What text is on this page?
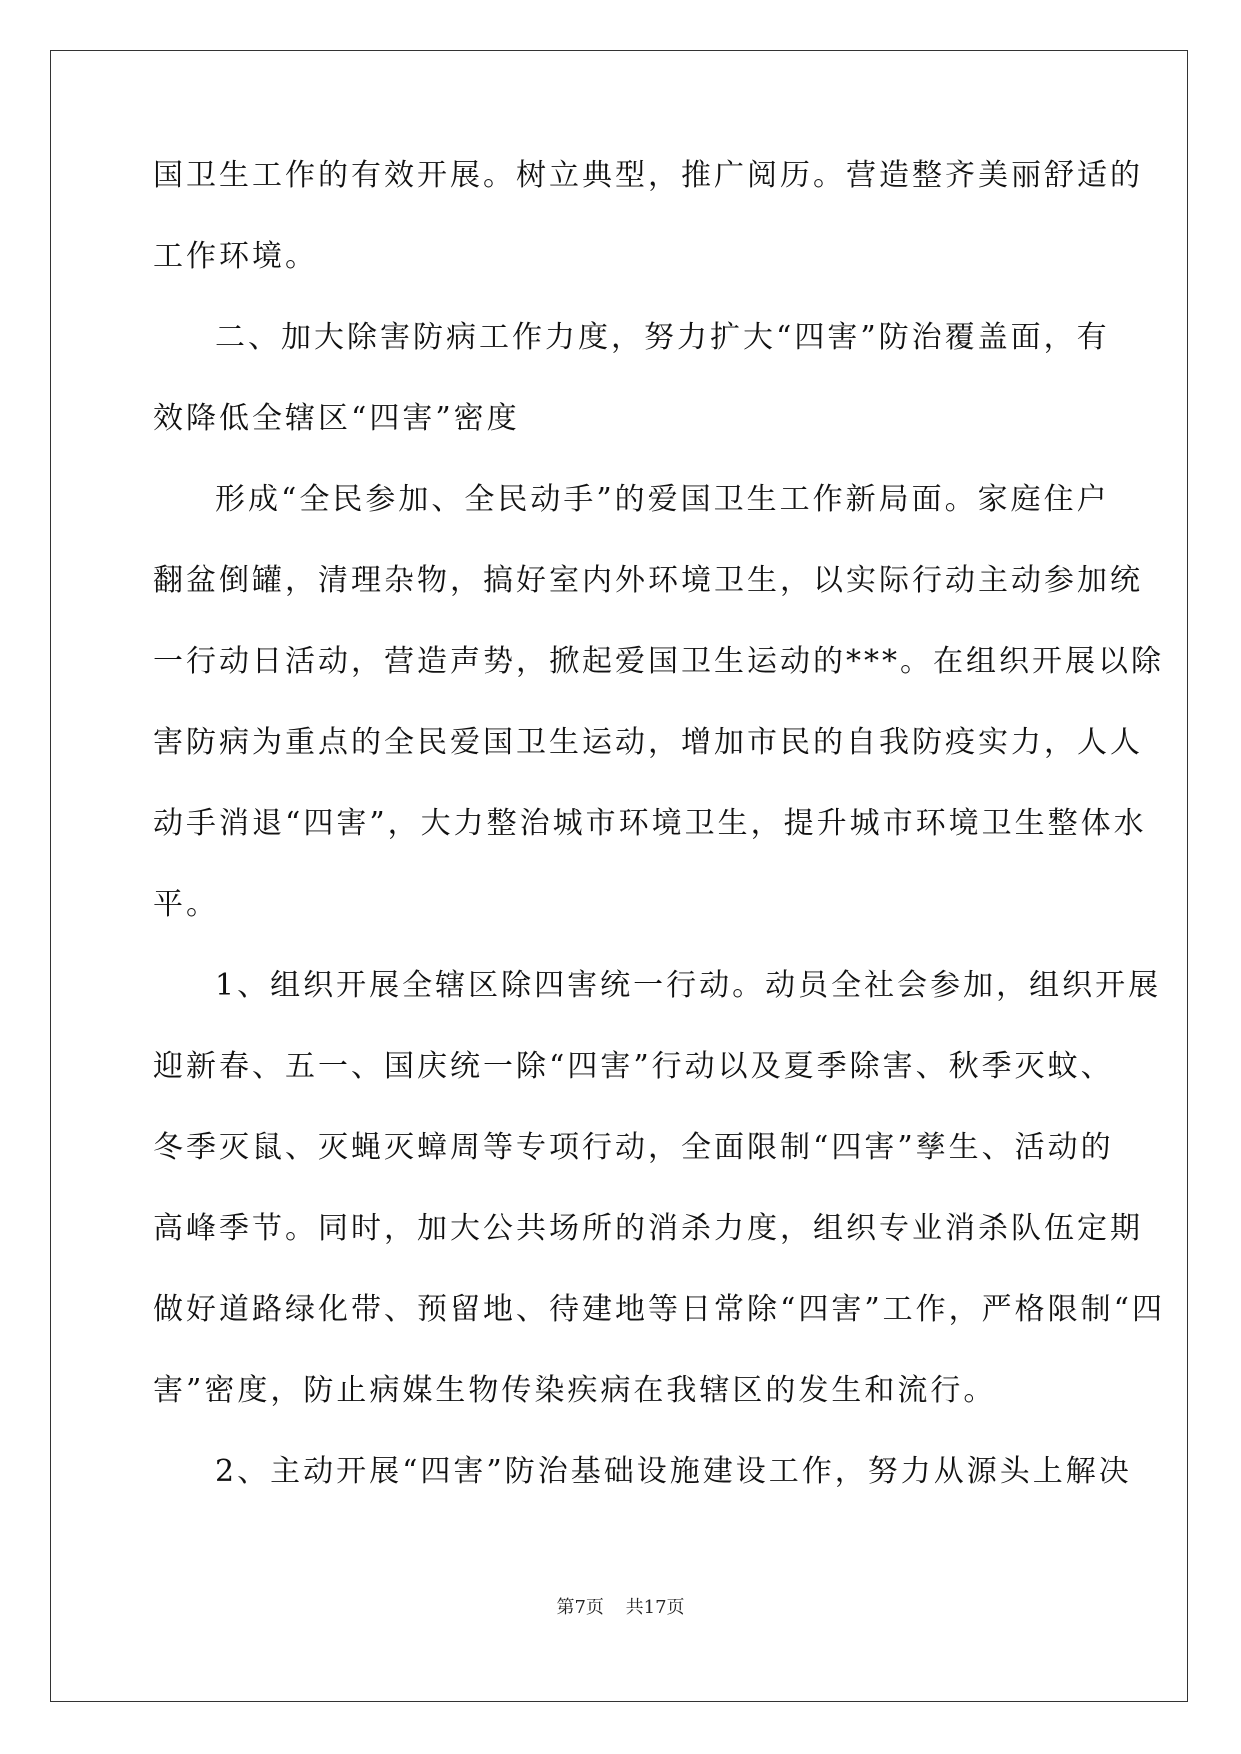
国卫生工作的有效开展。树立典型，推广阅历。营造整齐美丽舒适的

工作环境。

二、加大除害防病工作力度，努力扩大“四害”防治覆盖面，有

效降低全辖区“四害”密度

形成“全民参加、全民动手”的爱国卫生工作新局面。家庭住户

翻盆倒罐，清理杂物，搞好室内外环境卫生，以实际行动主动参加统

一行动日活动，营造声势，掀起爱国卫生运动的***。在组织开展以除

害防病为重点的全民爱国卫生运动，增加市民的自我防疫实力，人人

动手消退“四害”，大力整治城市环境卫生，提升城市环境卫生整体水

平。

1、组织开展全辖区除四害统一行动。动员全社会参加，组织开展

迎新春、五一、国庆统一除“四害”行动以及夏季除害、秋季灭蚊、

冬季灭鼠、灭蝇灭蟑周等专项行动，全面限制“四害”孳生、活动的

高峰季节。同时，加大公共场所的消杀力度，组织专业消杀队伍定期

做好道路绿化带、预留地、待建地等日常除“四害”工作，严格限制“四

害”密度，防止病媒生物传染疾病在我辖区的发生和流行。

2、主动开展“四害”防治基础设施建设工作，努力从源头上解决

第7页 共17页
